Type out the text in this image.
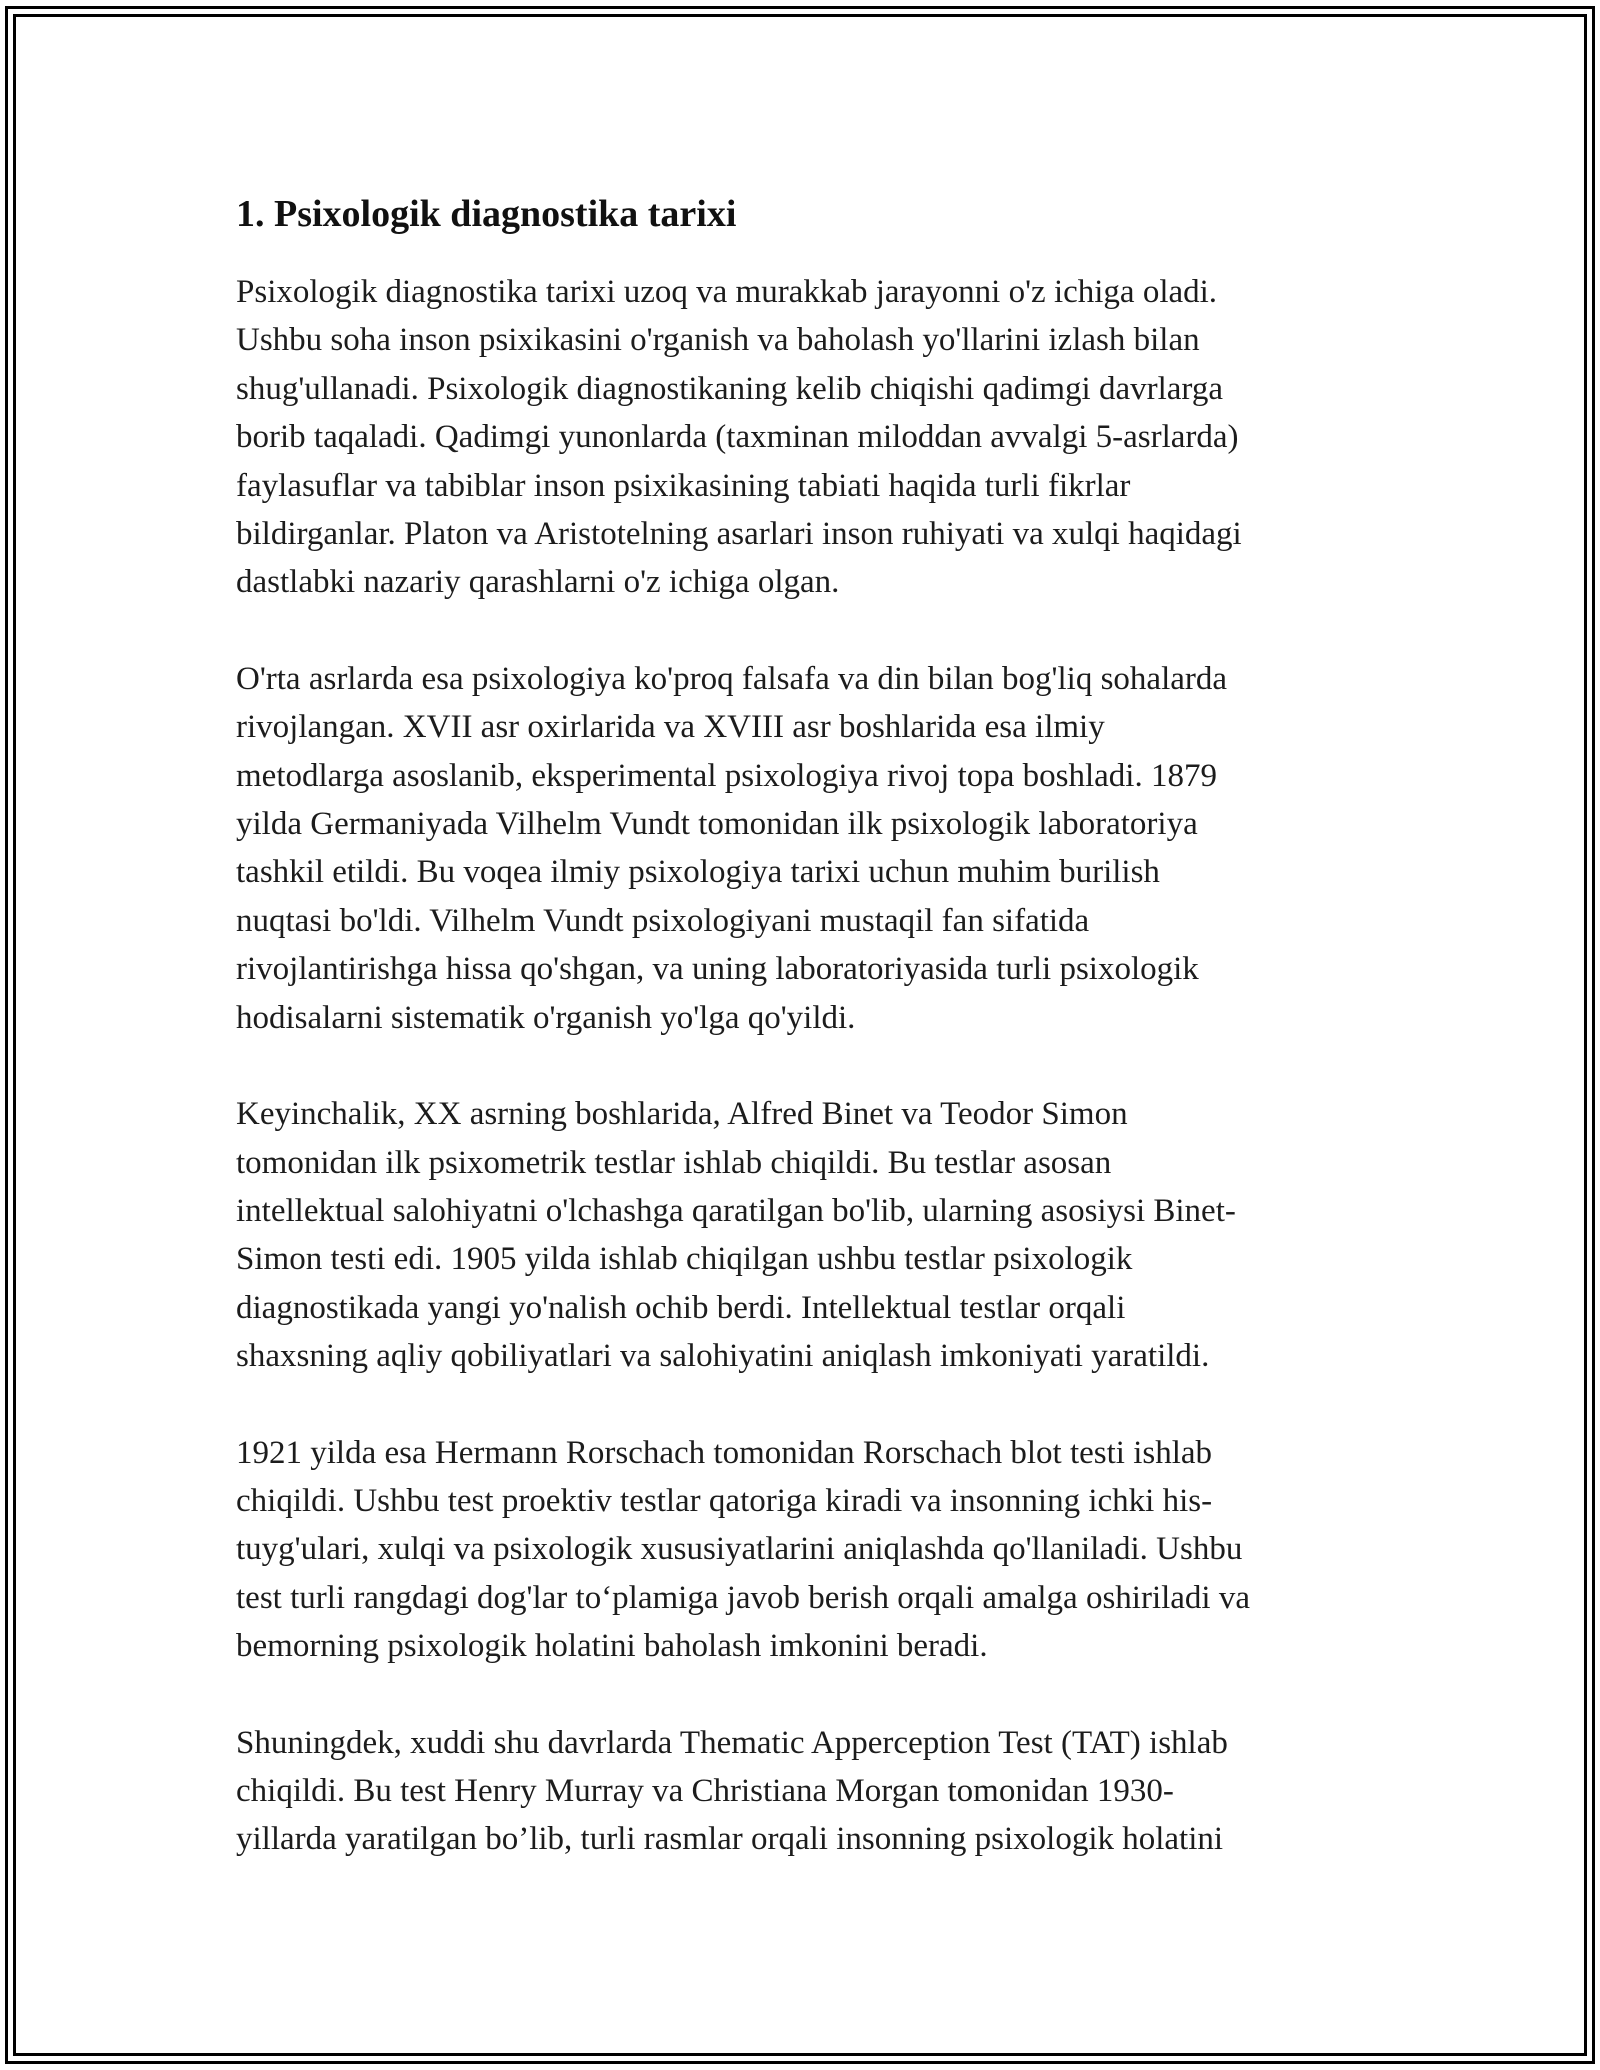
1. Psixologik diagnostika tarixi

Psixologik diagnostika tarixi uzoq va murakkab jarayonni o'z ichiga oladi.
Ushbu soha inson psixikasini o'rganish va baholash yo'llarini izlash bilan
shug'ullanadi. Psixologik diagnostikaning kelib chiqishi qadimgi davrlarga
borib taqaladi. Qadimgi yunonlarda (taxminan miloddan avvalgi 5-asrlarda)
faylasuflar va tabiblar inson psixikasining tabiati haqida turli fikrlar
bildirganlar. Platon va Aristotelning asarlari inson ruhiyati va xulqi haqidagi
dastlabki nazariy qarashlarni o'z ichiga olgan.

O'rta asrlarda esa psixologiya ko'proq falsafa va din bilan bog'liq sohalarda
rivojlangan. XVII asr oxirlarida va XVIII asr boshlarida esa ilmiy
metodlarga asoslanib, eksperimental psixologiya rivoj topa boshladi. 1879
yilda Germaniyada Vilhelm Vundt tomonidan ilk psixologik laboratoriya
tashkil etildi. Bu voqea ilmiy psixologiya tarixi uchun muhim burilish
nuqtasi bo'ldi. Vilhelm Vundt psixologiyani mustaqil fan sifatida
rivojlantirishga hissa qo'shgan, va uning laboratoriyasida turli psixologik
hodisalarni sistematik o'rganish yo'lga qo'yildi.

Keyinchalik, XX asrning boshlarida, Alfred Binet va Teodor Simon
tomonidan ilk psixometrik testlar ishlab chiqildi. Bu testlar asosan
intellektual salohiyatni o'lchashga qaratilgan bo'lib, ularning asosiysi Binet-
Simon testi edi. 1905 yilda ishlab chiqilgan ushbu testlar psixologik
diagnostikada yangi yo'nalish ochib berdi. Intellektual testlar orqali
shaxsning aqliy qobiliyatlari va salohiyatini aniqlash imkoniyati yaratildi.

1921 yilda esa Hermann Rorschach tomonidan Rorschach blot testi ishlab
chiqildi. Ushbu test proektiv testlar qatoriga kiradi va insonning ichki his-
tuyg'ulari, xulqi va psixologik xususiyatlarini aniqlashda qo'llaniladi. Ushbu
test turli rangdagi dog'lar to‘plamiga javob berish orqali amalga oshiriladi va
bemorning psixologik holatini baholash imkonini beradi.

Shuningdek, xuddi shu davrlarda Thematic Apperception Test (TAT) ishlab
chiqildi. Bu test Henry Murray va Christiana Morgan tomonidan 1930-
yillarda yaratilgan bo’lib, turli rasmlar orqali insonning psixologik holatini
